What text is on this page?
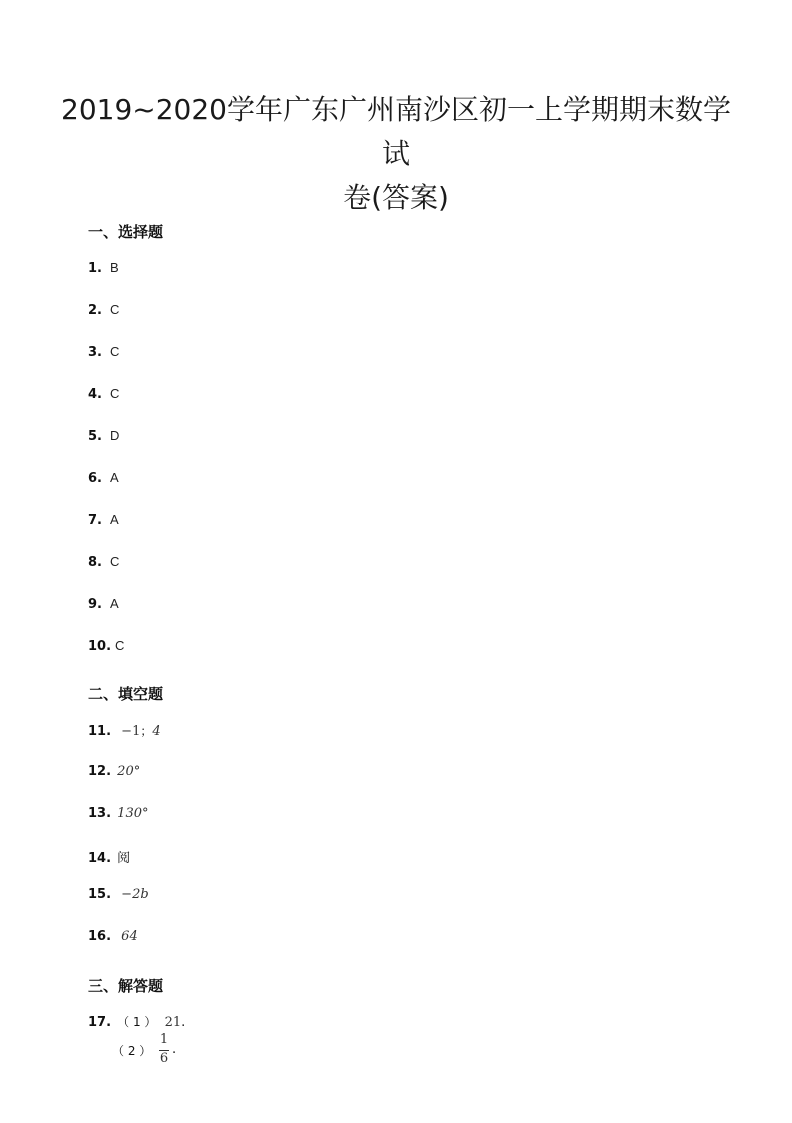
2019~2020学年广东广州南沙区初一上学期期末数学试
卷(答案)
一、选择题
1. B
2. C
3. C
4. C
5. D
6. A
7. A
8. C
9. A
10. C
二、填空题
11. −1；4
12. 20°
13. 130°
14. 阅
15. −2b
16. 64
三、解答题
17. （ 1 ） 21.
（ 2 ）
1
6
.
